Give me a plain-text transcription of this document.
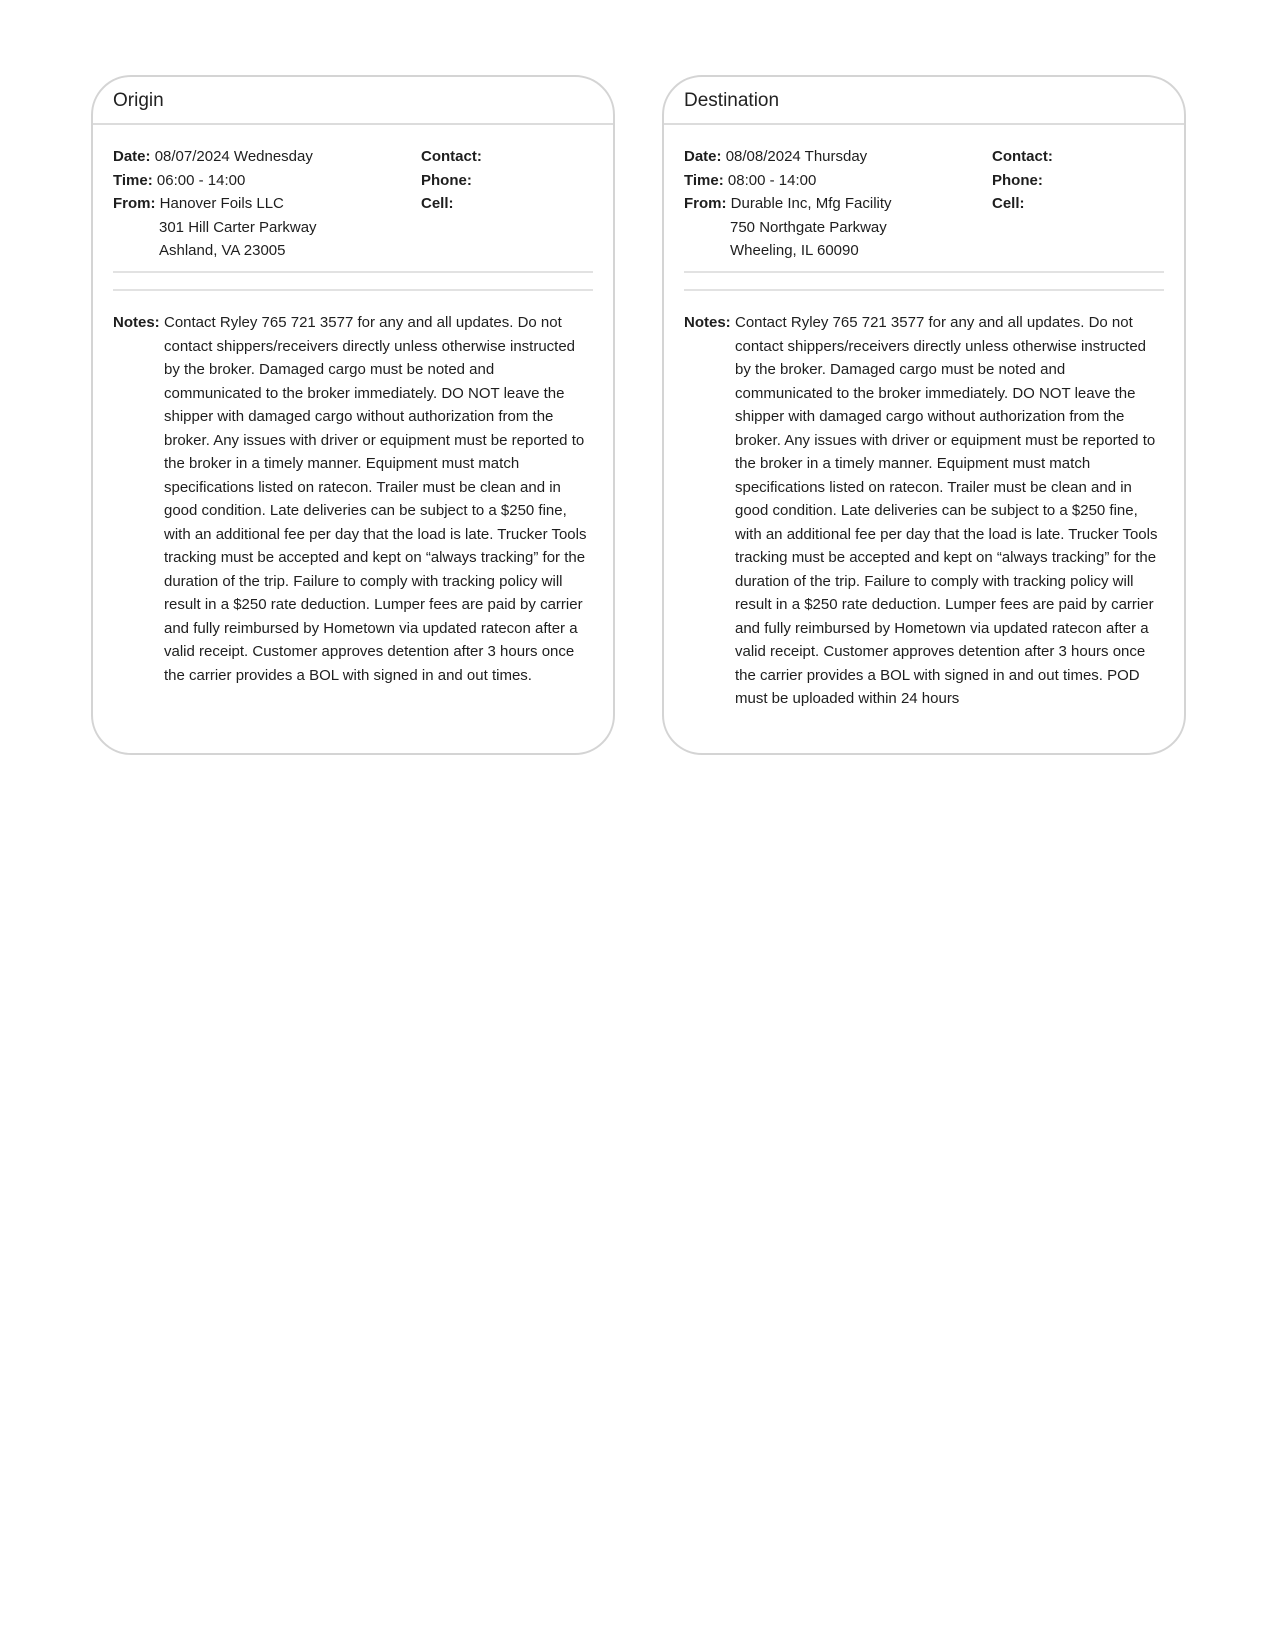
Origin
Date: 08/07/2024 Wednesday
Time: 06:00 - 14:00
From: Hanover Foils LLC
301 Hill Carter Parkway
Ashland, VA 23005
Contact:
Phone:
Cell:
Notes: Contact Ryley 765 721 3577 for any and all updates. Do not contact shippers/receivers directly unless otherwise instructed by the broker. Damaged cargo must be noted and communicated to the broker immediately. DO NOT leave the shipper with damaged cargo without authorization from the broker. Any issues with driver or equipment must be reported to the broker in a timely manner. Equipment must match specifications listed on ratecon. Trailer must be clean and in good condition. Late deliveries can be subject to a $250 fine, with an additional fee per day that the load is late. Trucker Tools tracking must be accepted and kept on “always tracking” for the duration of the trip. Failure to comply with tracking policy will result in a $250 rate deduction. Lumper fees are paid by carrier and fully reimbursed by Hometown via updated ratecon after a valid receipt. Customer approves detention after 3 hours once the carrier provides a BOL with signed in and out times.
Destination
Date: 08/08/2024 Thursday
Time: 08:00 - 14:00
From: Durable Inc, Mfg Facility
750 Northgate Parkway
Wheeling, IL 60090
Contact:
Phone:
Cell:
Notes: Contact Ryley 765 721 3577 for any and all updates. Do not contact shippers/receivers directly unless otherwise instructed by the broker. Damaged cargo must be noted and communicated to the broker immediately. DO NOT leave the shipper with damaged cargo without authorization from the broker. Any issues with driver or equipment must be reported to the broker in a timely manner. Equipment must match specifications listed on ratecon. Trailer must be clean and in good condition. Late deliveries can be subject to a $250 fine, with an additional fee per day that the load is late. Trucker Tools tracking must be accepted and kept on “always tracking” for the duration of the trip. Failure to comply with tracking policy will result in a $250 rate deduction. Lumper fees are paid by carrier and fully reimbursed by Hometown via updated ratecon after a valid receipt. Customer approves detention after 3 hours once the carrier provides a BOL with signed in and out times. POD must be uploaded within 24 hours
